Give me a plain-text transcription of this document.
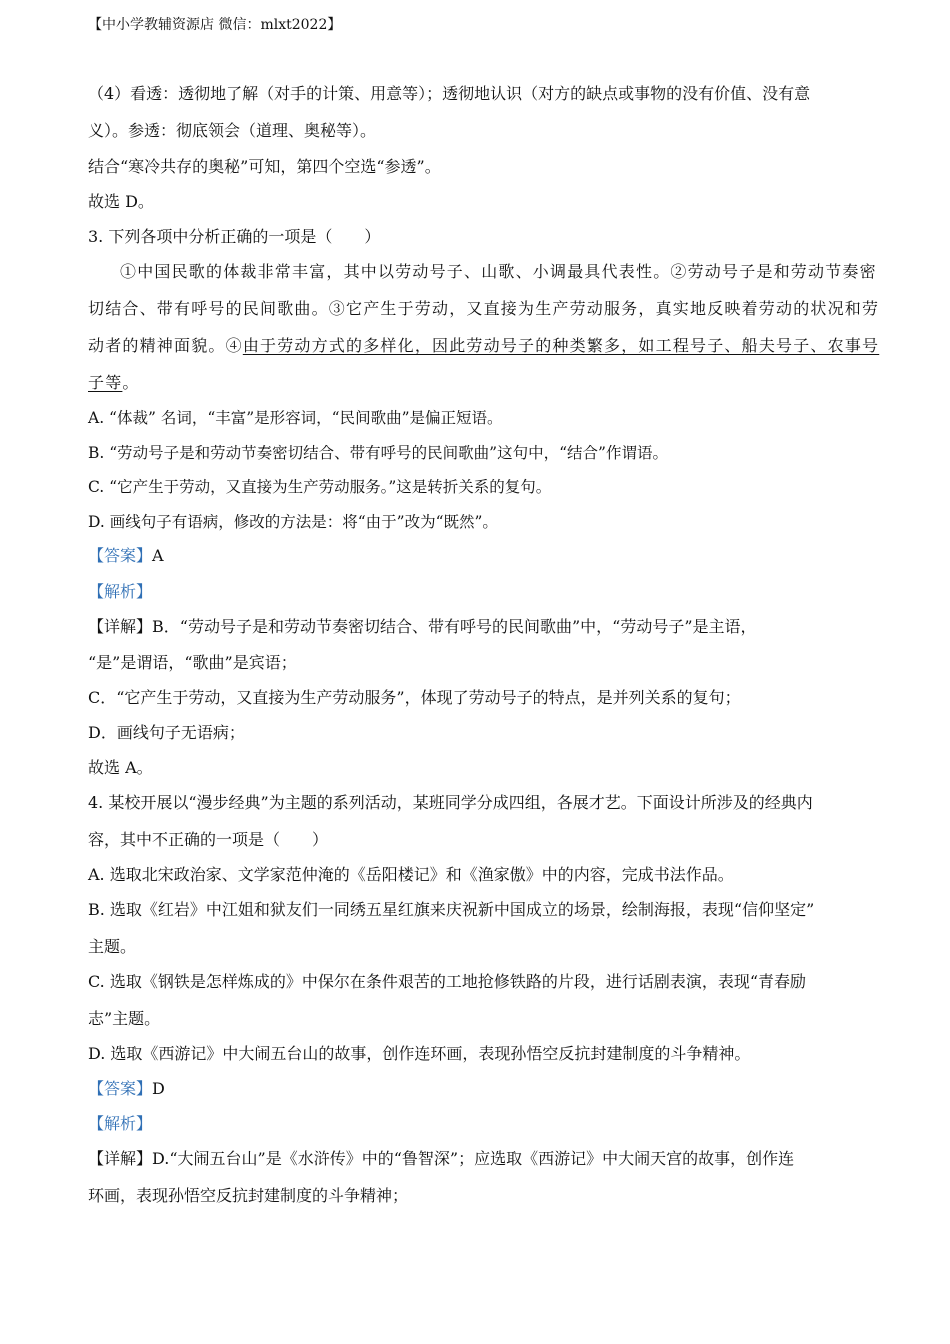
【中小学教辅资源店 微信：mlxt2022】
（4）看透：透彻地了解（对手的计策、用意等）；透彻地认识（对方的缺点或事物的没有价值、没有意
义）。参透：彻底领会（道理、奥秘等）。
结合“寒冷共存的奥秘”可知，第四个空选“参透”。
故选 D。
3. 下列各项中分析正确的一项是（　　）
①中国民歌的体裁非常丰富，其中以劳动号子、山歌、小调最具代表性。②劳动号子是和劳动节奏密
切结合、带有呼号的民间歌曲。③它产生于劳动，又直接为生产劳动服务，真实地反映着劳动的状况和劳
动者的精神面貌。④由于劳动方式的多样化，因此劳动号子的种类繁多，如工程号子、船夫号子、农事号
子等。
A. “体裁” 名词，“丰富”是形容词，“民间歌曲”是偏正短语。
B. “劳动号子是和劳动节奏密切结合、带有呼号的民间歌曲”这句中，“结合”作谓语。
C. “它产生于劳动，又直接为生产劳动服务。”这是转折关系的复句。
D. 画线句子有语病，修改的方法是：将“由于”改为“既然”。
【答案】A
【解析】
【详解】B．“劳动号子是和劳动节奏密切结合、带有呼号的民间歌曲”中，“劳动号子”是主语，
“是”是谓语，“歌曲”是宾语；
C．“它产生于劳动，又直接为生产劳动服务”，体现了劳动号子的特点，是并列关系的复句；
D．画线句子无语病；
故选 A。
4. 某校开展以“漫步经典”为主题的系列活动，某班同学分成四组，各展才艺。下面设计所涉及的经典内
容，其中不正确的一项是（　　）
A. 选取北宋政治家、文学家范仲淹的《岳阳楼记》和《渔家傲》中的内容，完成书法作品。
B. 选取《红岩》中江姐和狱友们一同绣五星红旗来庆祝新中国成立的场景，绘制海报，表现“信仰坚定”
主题。
C. 选取《钢铁是怎样炼成的》中保尔在条件艰苦的工地抢修铁路的片段，进行话剧表演，表现“青春励
志”主题。
D. 选取《西游记》中大闹五台山的故事，创作连环画，表现孙悟空反抗封建制度的斗争精神。
【答案】D
【解析】
【详解】D.“大闹五台山”是《水浒传》中的“鲁智深”；应选取《西游记》中大闹天宫的故事，创作连
环画，表现孙悟空反抗封建制度的斗争精神；
